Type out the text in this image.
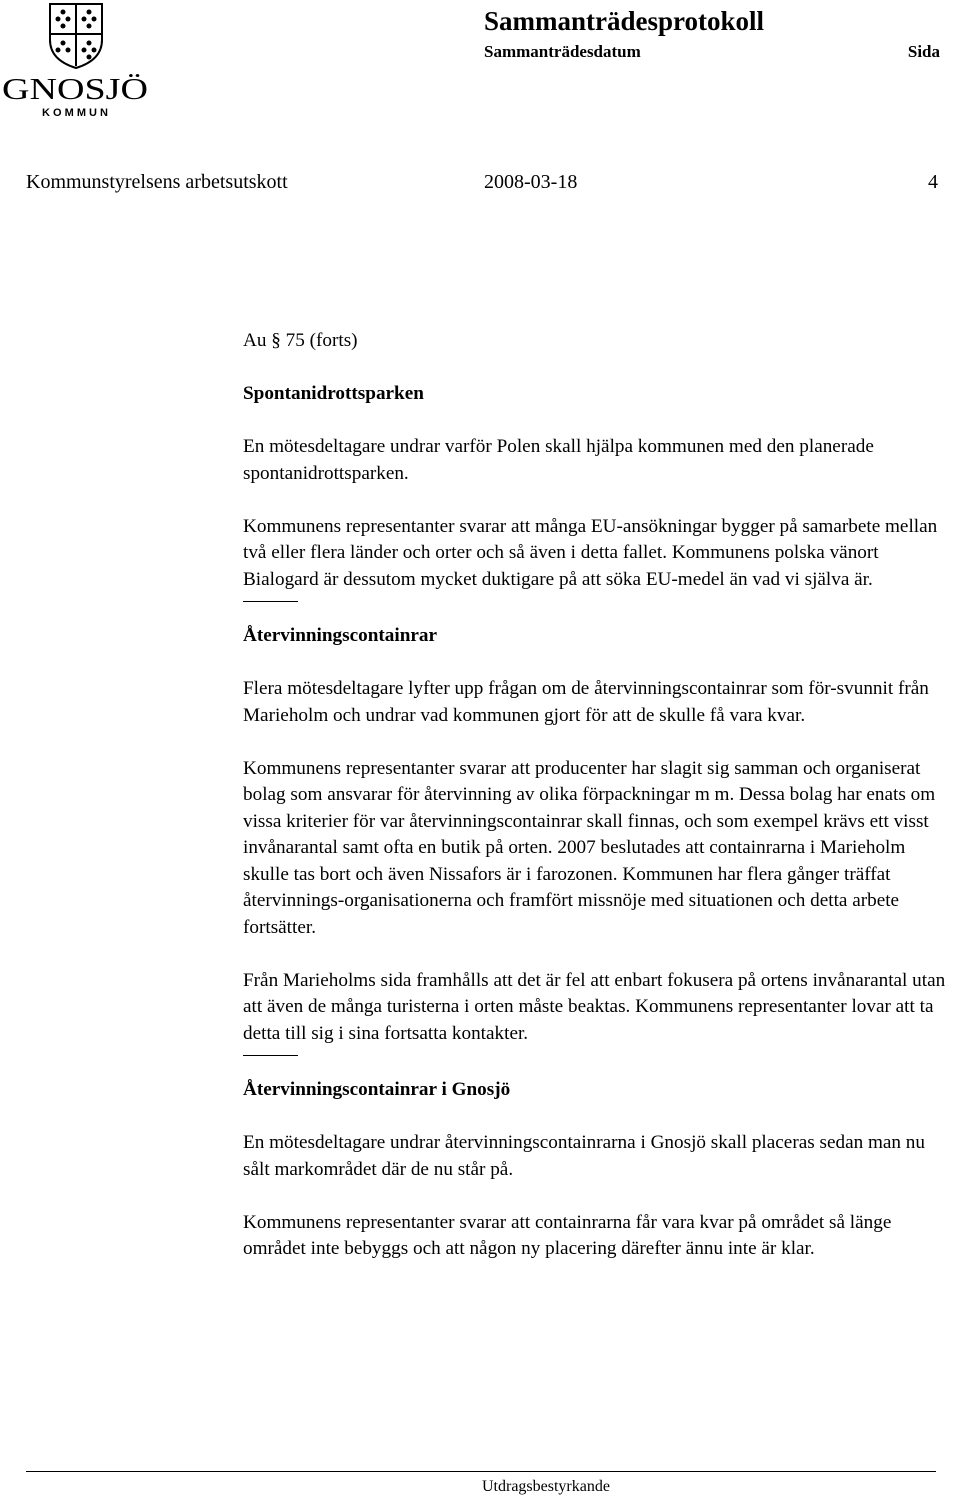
GNOSJÖ
K O M M U N
Sammanträdesprotokoll
Sammanträdesdatum	Sida
Kommunstyrelsens arbetsutskott	2008-03-18	4

Au § 75 (forts)

Spontanidrottsparken

En mötesdeltagare undrar varför Polen skall hjälpa kommunen med den planerade spontanidrottsparken.

Kommunens representanter svarar att många EU-ansökningar bygger på samarbete mellan två eller flera länder och orter och så även i detta fallet. Kommunens polska vänort Bialogard är dessutom mycket duktigare på att söka EU-medel än vad vi själva är.

Återvinningscontainrar

Flera mötesdeltagare lyfter upp frågan om de återvinningscontainrar som för-svunnit från Marieholm och undrar vad kommunen gjort för att de skulle få vara kvar.

Kommunens representanter svarar att producenter har slagit sig samman och organiserat bolag som ansvarar för återvinning av olika förpackningar m m. Dessa bolag har enats om vissa kriterier för var återvinningscontainrar skall finnas, och som exempel krävs ett visst invånarantal samt ofta en butik på orten. 2007 beslutades att containrarna i Marieholm skulle tas bort och även Nissafors är i farozonen. Kommunen har flera gånger träffat återvinnings-organisationerna och framfört missnöje med situationen och detta arbete fortsätter.

Från Marieholms sida framhålls att det är fel att enbart fokusera på ortens invånarantal utan att även de många turisterna i orten måste beaktas. Kommunens representanter lovar att ta detta till sig i sina fortsatta kontakter.

Återvinningscontainrar i Gnosjö

En mötesdeltagare undrar återvinningscontainrarna i Gnosjö skall placeras sedan man nu sålt markområdet där de nu står på.

Kommunens representanter svarar att containrarna får vara kvar på området så länge området inte bebyggs och att någon ny placering därefter ännu inte är klar.

Utdragsbestyrkande
